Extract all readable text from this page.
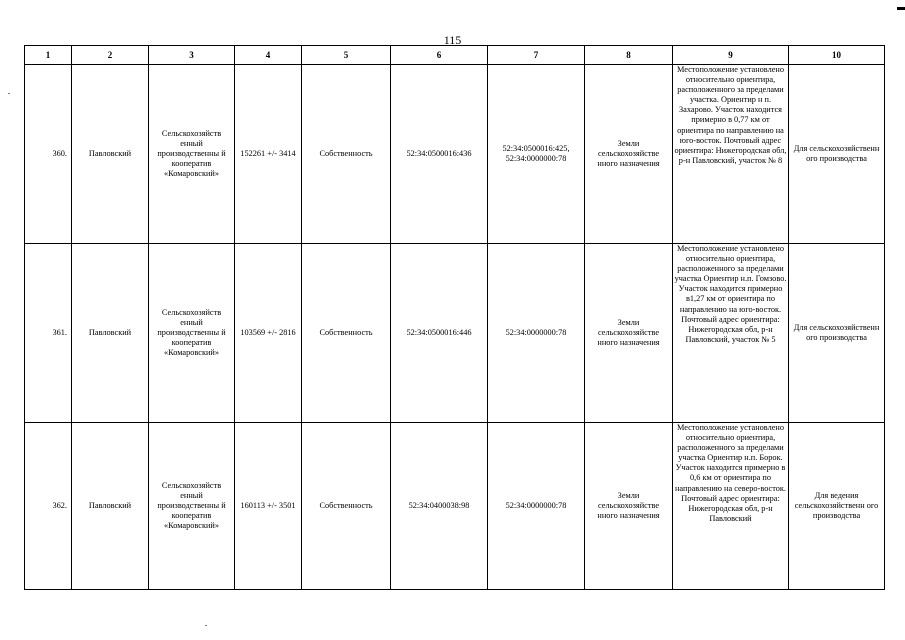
115
1	2	3	4	5	6	7	8	9	10
360.	Павловский	Сельскохозяйств енный производственны й кооператив «Комаровский»	152261 +/- 3414	Собственность	52:34:0500016:436	52:34:0500016:425, 52:34:0000000:78	Земли сельскохозяйстве нного назначения	Местоположение установлено относительно ориентира, расположенного за пределами участка. Ориентир н п. Захарово. Участок находится примерно в 0,77 км от ориентира по направлению на юго-восток. Почтовый адрес ориентира: Нижегородская обл, р-н Павловский, участок № 8	Для сельскохозяйственн ого производства
361.	Павловский	Сельскохозяйств енный производственны й кооператив «Комаровский»	103569 +/- 2816	Собственность	52:34:0500016:446	52:34:0000000:78	Земли сельскохозяйстве нного назначения	Местоположение установлено относительно ориентира, расположенного за пределами участка Ориентир н.п. Гомзово. Участок находится примерно в1,27 км от ориентира по направлению на юго-восток. Почтовый адрес ориентира: Нижегородская обл, р-н Павловский, участок № 5	Для сельскохозяйственн ого производства
362.	Павловский	Сельскохозяйств енный производственны й кооператив «Комаровский»	160113 +/- 3501	Собственность	52:34:0400038:98	52:34:0000000:78	Земли сельскохозяйстве нного назначения	Местоположение установлено относительно ориентира, расположенного за пределами участка Ориентир н.п. Борок. Участок находится примерно в 0,6 км от ориентира по направлению на северо-восток. Почтовый адрес ориентира: Нижегородская обл, р-н Павловский	Для ведения сельскохозяйственн ого производства
